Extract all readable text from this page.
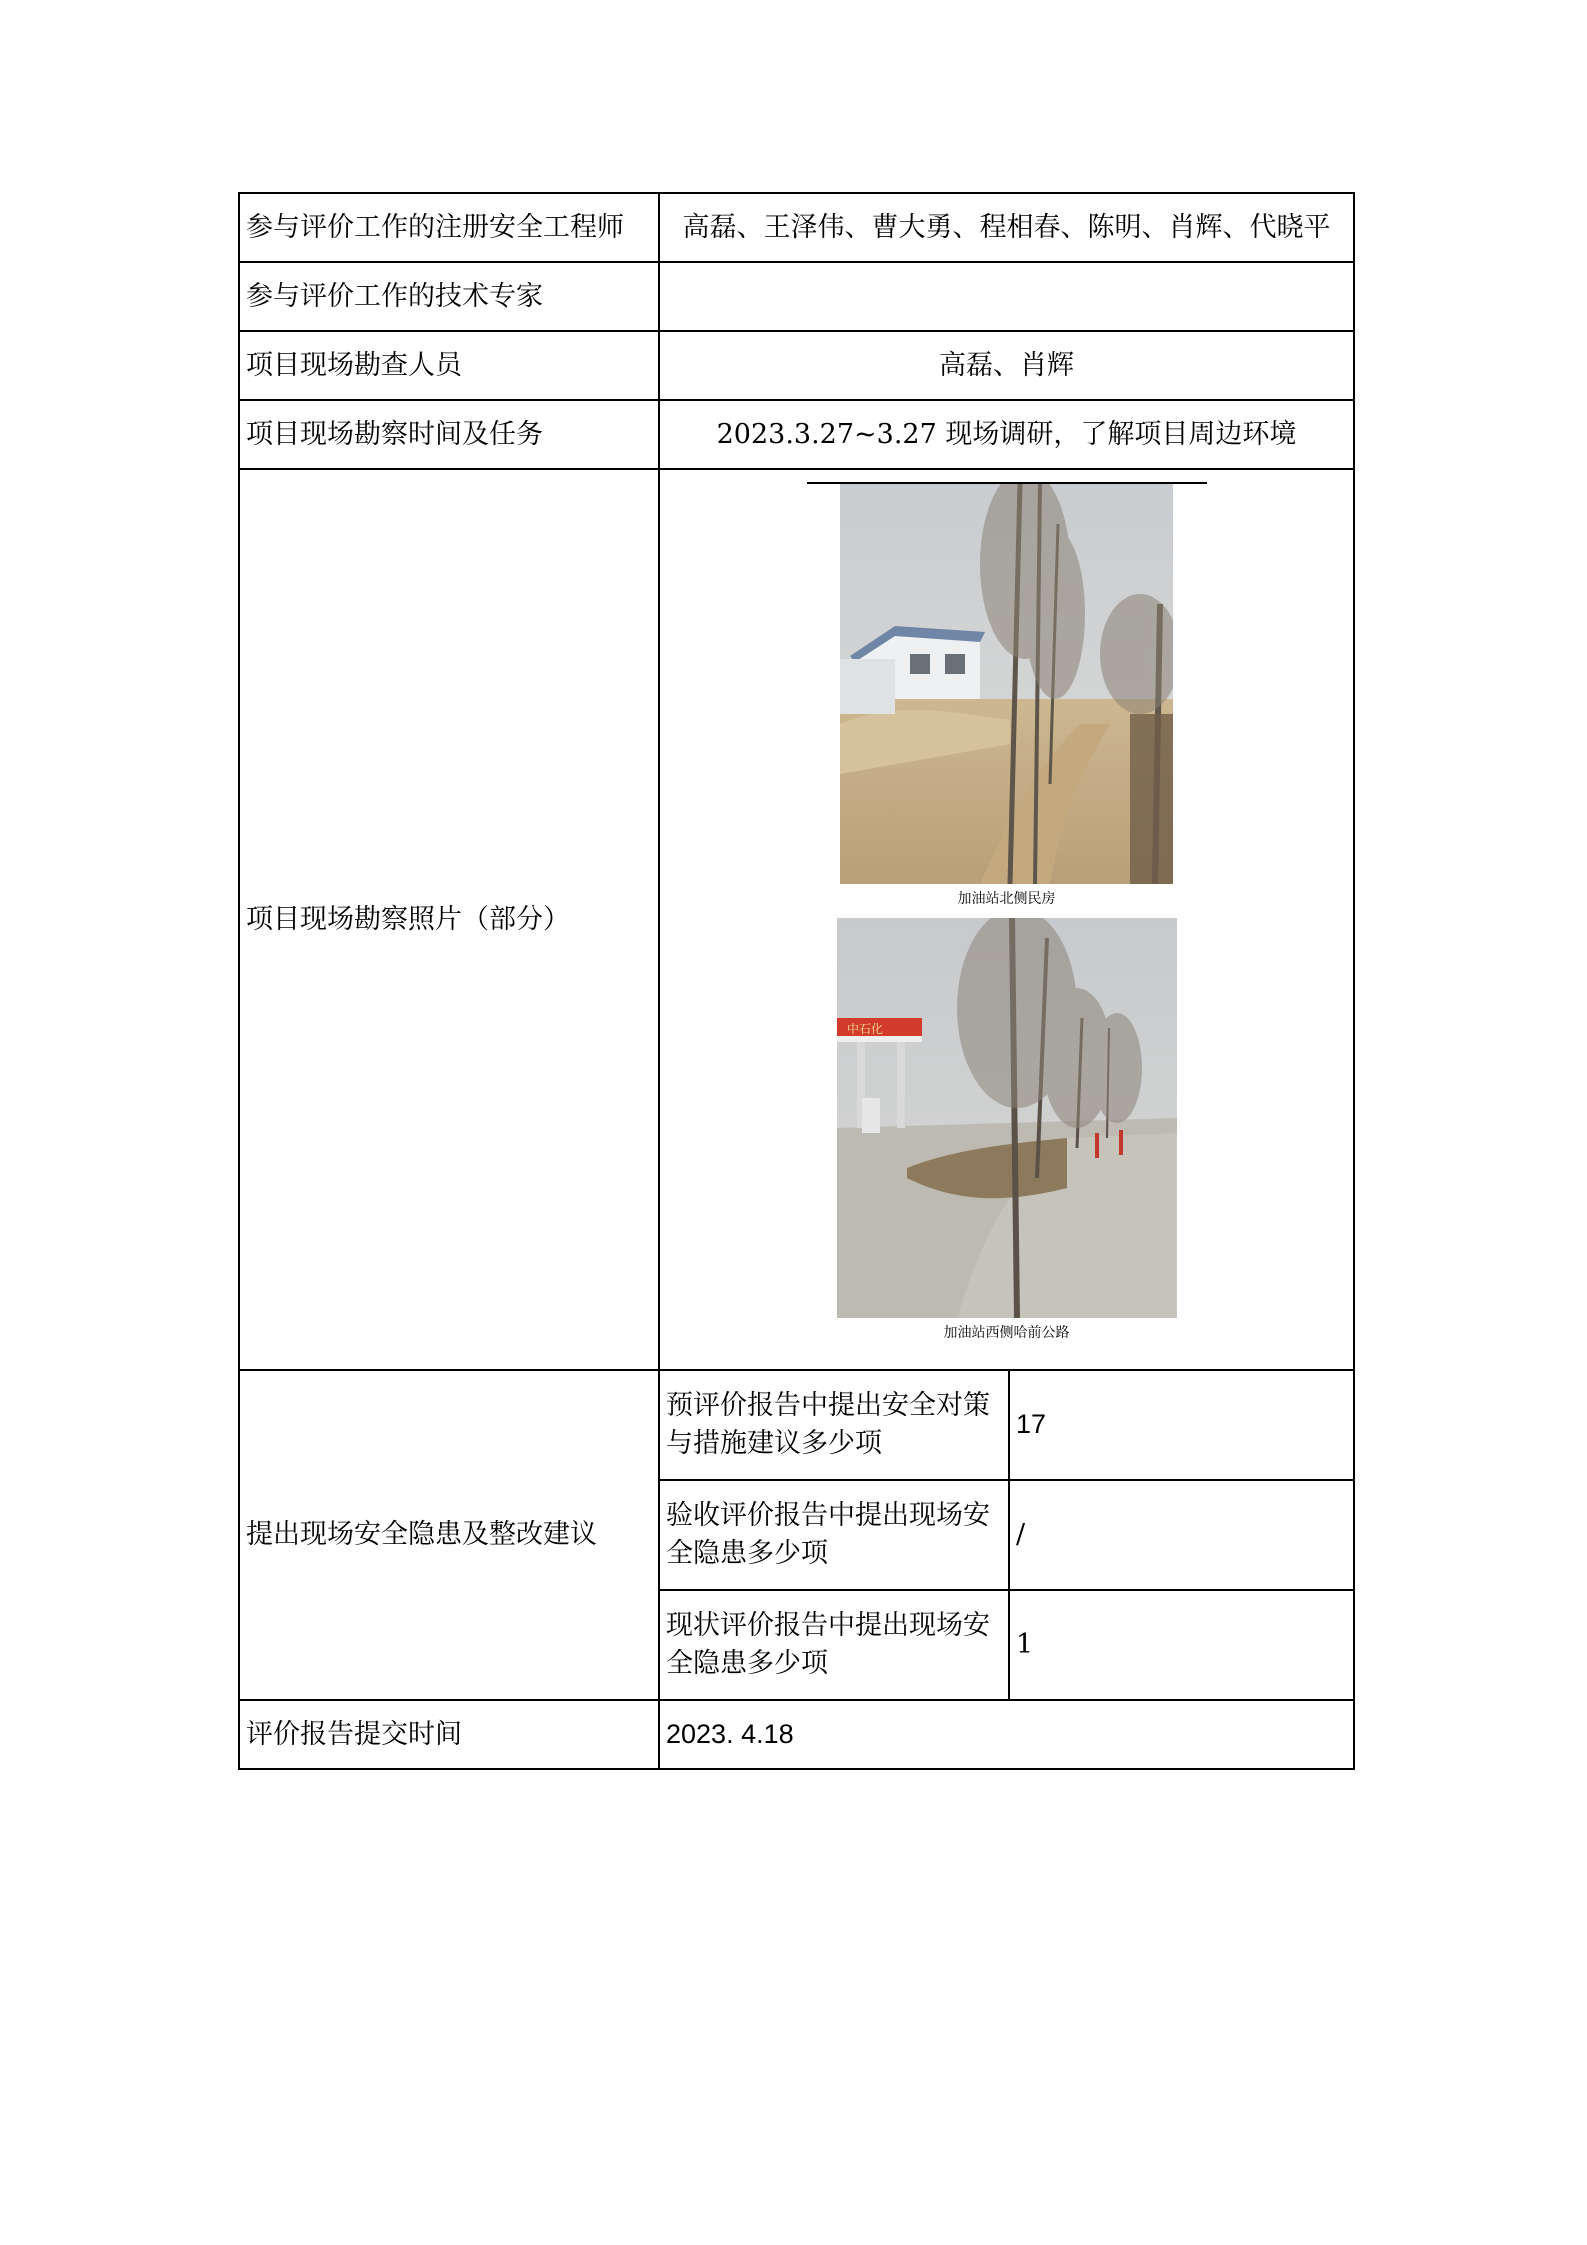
参与评价工作的注册安全工程师	高磊、王泽伟、曹大勇、程相春、陈明、肖辉、代晓平	
参与评价工作的技术专家		
项目现场勘查人员	高磊、肖辉	
项目现场勘察时间及任务	2023.3.27~3.27 现场调研，了解项目周边环境	
项目现场勘察照片（部分）	加油站北侧民房
中石化
加油站西侧哈前公路	

提出现场安全隐患及整改建议	预评价报告中提出安全对策与措施建议多少项	17
	验收评价报告中提出现场安全隐患多少项	/
	现状评价报告中提出现场安全隐患多少项	1
评价报告提交时间	2023. 4.18	
